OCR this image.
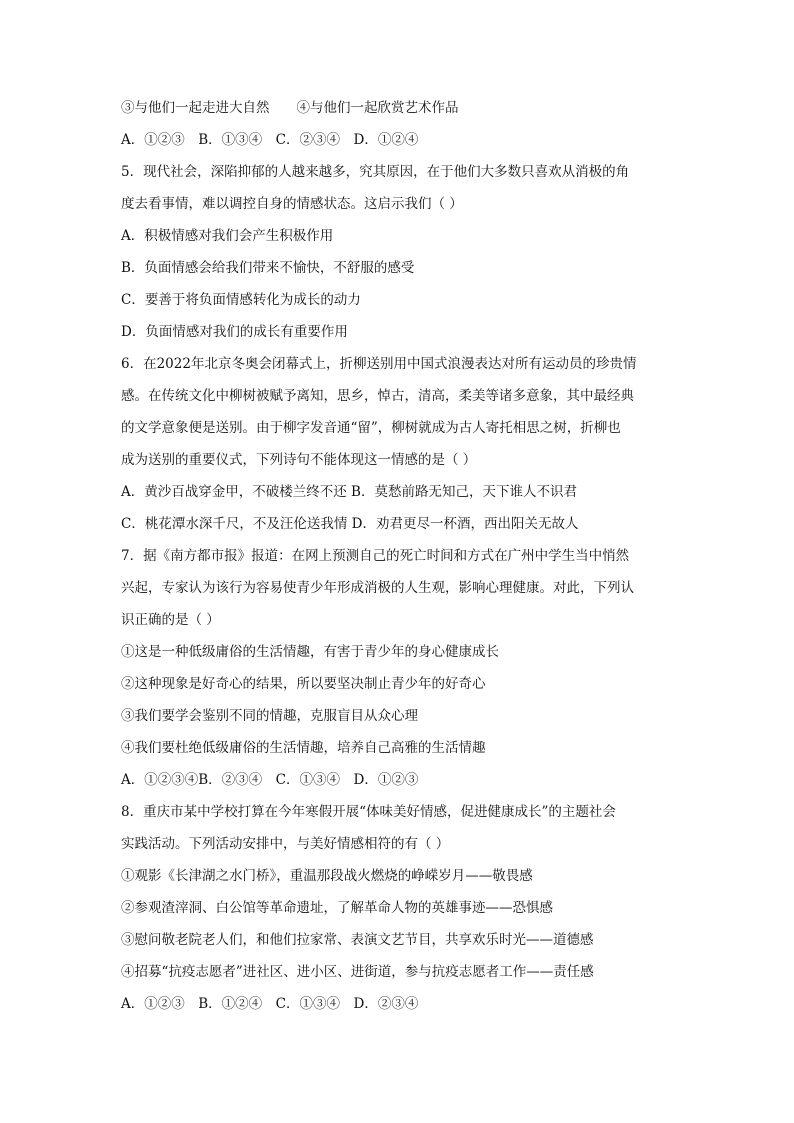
③与他们一起走进大自然　　④与他们一起欣赏艺术作品
A．①②③　B．①③④　C．②③④　D．①②④
5．现代社会，深陷抑郁的人越来越多，究其原因，在于他们大多数只喜欢从消极的角
度去看事情，难以调控自身的情感状态。这启示我们（ ）
A．积极情感对我们会产生积极作用
B．负面情感会给我们带来不愉快，不舒服的感受
C．要善于将负面情感转化为成长的动力
D．负面情感对我们的成长有重要作用
6．在2022年北京冬奥会闭幕式上，折柳送别用中国式浪漫表达对所有运动员的珍贵情
感。在传统文化中柳树被赋予离知，思乡，悼古，清高，柔美等诸多意象，其中最经典
的文学意象便是送别。由于柳字发音通“留”，柳树就成为古人寄托相思之树，折柳也
成为送别的重要仪式，下列诗句不能体现这一情感的是（ ）
A．黄沙百战穿金甲，不破楼兰终不还 B．莫愁前路无知己，天下谁人不识君
C．桃花潭水深千尺，不及汪伦送我情 D．劝君更尽一杯酒，西出阳关无故人
7．据《南方都市报》报道：在网上预测自己的死亡时间和方式在广州中学生当中悄然
兴起，专家认为该行为容易使青少年形成消极的人生观，影响心理健康。对此，下列认
识正确的是（ ）
①这是一种低级庸俗的生活情趣，有害于青少年的身心健康成长
②这种现象是好奇心的结果，所以要坚决制止青少年的好奇心
③我们要学会鉴别不同的情趣，克服盲目从众心理
④我们要杜绝低级庸俗的生活情趣，培养自己高雅的生活情趣
A．①②③④B．②③④　C．①③④　D．①②③
8．重庆市某中学校打算在今年寒假开展“体味美好情感，促进健康成长”的主题社会
实践活动。下列活动安排中，与美好情感相符的有（ ）
①观影《长津湖之水门桥》，重温那段战火燃烧的峥嵘岁月——敬畏感
②参观渣滓洞、白公馆等革命遗址，了解革命人物的英雄事迹——恐惧感
③慰问敬老院老人们，和他们拉家常、表演文艺节目，共享欢乐时光——道德感
④招募“抗疫志愿者”进社区、进小区、进街道，参与抗疫志愿者工作——责任感
A．①②③　B．①②④　C．①③④　D．②③④
